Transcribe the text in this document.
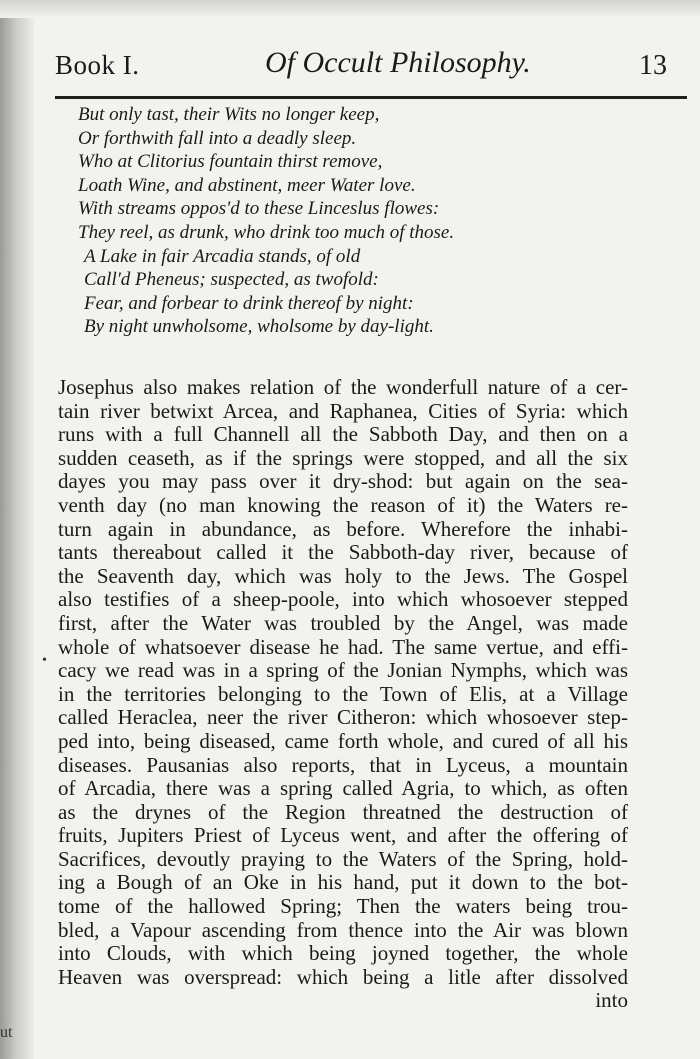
Book I.	Of Occult Philosophy.	13
But only tast, their Wits no longer keep,
Or forthwith fall into a deadly sleep.
Who at Clitorius fountain thirst remove,
Loath Wine, and abstinent, meer Water love.
With streams oppos'd to these Linceslus flowes:
They reel, as drunk, who drink too much of those.
A Lake in fair Arcadia stands, of old
Call'd Pheneus; suspected, as twofold:
Fear, and forbear to drink thereof by night:
By night unwholsome, wholsome by day-light.
Josephus also makes relation of the wonderfull nature of a cer-
tain river betwixt Arcea, and Raphanea, Cities of Syria: which
runs with a full Channell all the Sabboth Day, and then on a
sudden ceaseth, as if the springs were stopped, and all the six
dayes you may pass over it dry-shod: but again on the sea-
venth day (no man knowing the reason of it) the Waters re-
turn again in abundance, as before. Wherefore the inhabi-
tants thereabout called it the Sabboth-day river, because of
the Seaventh day, which was holy to the Jews. The Gospel
also testifies of a sheep-poole, into which whosoever stepped
first, after the Water was troubled by the Angel, was made
whole of whatsoever disease he had. The same vertue, and effi-
cacy we read was in a spring of the Jonian Nymphs, which was
in the territories belonging to the Town of Elis, at a Village
called Heraclea, neer the river Citheron: which whosoever step-
ped into, being diseased, came forth whole, and cured of all his
diseases. Pausanias also reports, that in Lyceus, a mountain
of Arcadia, there was a spring called Agria, to which, as often
as the drynes of the Region threatned the destruction of
fruits, Jupiters Priest of Lyceus went, and after the offering of
Sacrifices, devoutly praying to the Waters of the Spring, hold-
ing a Bough of an Oke in his hand, put it down to the bot-
tome of the hallowed Spring; Then the waters being trou-
bled, a Vapour ascending from thence into the Air was blown
into Clouds, with which being joyned together, the whole
Heaven was overspread: which being a litle after dissolved
into
•
ut
